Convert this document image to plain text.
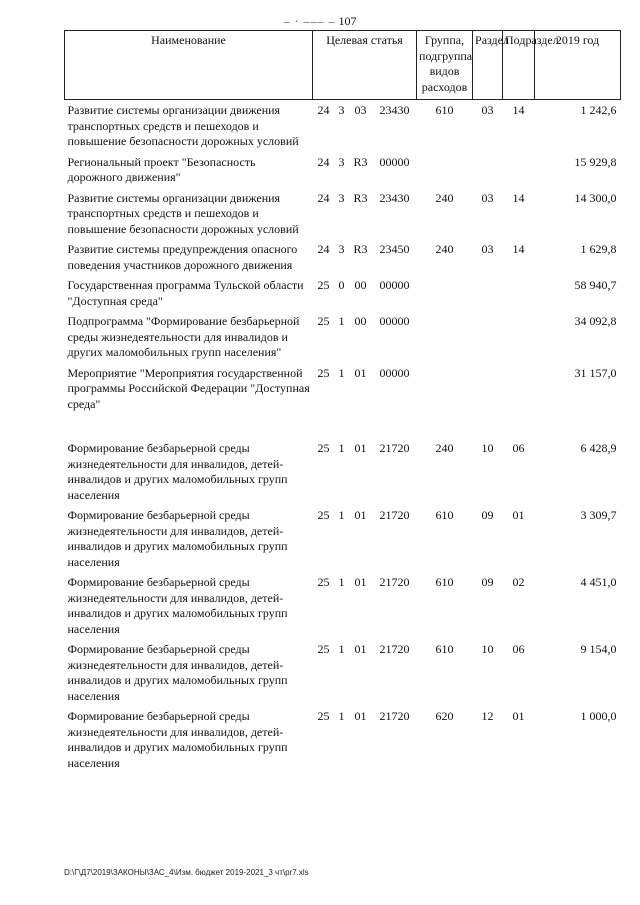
– · ––– – 107
Наименование	Целевая статья				Группа, подгруппа видов расходов	Раздел	Подраздел	2019 год
Развитие системы организации движения транспортных средств и пешеходов и повышение безопасности дорожных условий	24	3	03	23430	610	03	14	1 242,6
Региональный проект "Безопасность дорожного движения"	24	3	R3	00000				15 929,8
Развитие системы организации движения транспортных средств и пешеходов и повышение безопасности дорожных условий	24	3	R3	23430	240	03	14	14 300,0
Развитие системы предупреждения опасного поведения участников дорожного движения	24	3	R3	23450	240	03	14	1 629,8
Государственная программа Тульской области "Доступная среда"	25	0	00	00000				58 940,7
Подпрограмма "Формирование безбарьерной среды жизнедеятельности для инвалидов и других маломобильных групп населения"	25	1	00	00000				34 092,8
Мероприятие "Мероприятия государственной программы Российской Федерации "Доступная среда"	25	1	01	00000				31 157,0
Формирование безбарьерной среды жизнедеятельности для инвалидов, детей-инвалидов и других маломобильных групп населения	25	1	01	21720	240	10	06	6 428,9
Формирование безбарьерной среды жизнедеятельности для инвалидов, детей-инвалидов и других маломобильных групп населения	25	1	01	21720	610	09	01	3 309,7
Формирование безбарьерной среды жизнедеятельности для инвалидов, детей-инвалидов и других маломобильных групп населения	25	1	01	21720	610	09	02	4 451,0
Формирование безбарьерной среды жизнедеятельности для инвалидов, детей-инвалидов и других маломобильных групп населения	25	1	01	21720	610	10	06	9 154,0
Формирование безбарьерной среды жизнедеятельности для инвалидов, детей-инвалидов и других маломобильных групп населения	25	1	01	21720	620	12	01	1 000,0
D:\Г\Д7\2019\ЗАКОНЫ\ЗАС_4\Изм. бюджет 2019-2021_3 чт\рr7.xls
